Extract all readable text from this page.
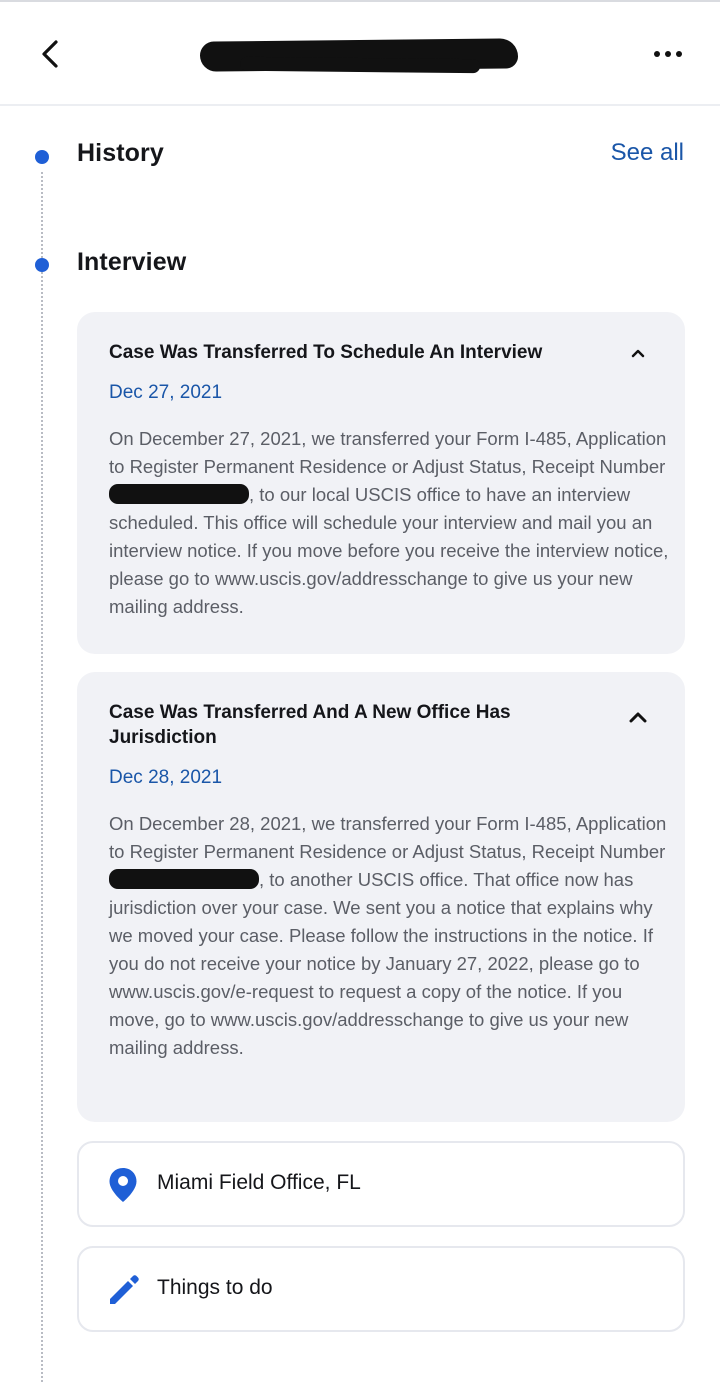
History	See all
Interview
Case Was Transferred To Schedule An Interview
Dec 27, 2021
On December 27, 2021, we transferred your Form I-485, Application to Register Permanent Residence or Adjust Status, Receipt Number, to our local USCIS office to have an interview scheduled. This office will schedule your interview and mail you an interview notice. If you move before you receive the interview notice, please go to www.uscis.gov/addresschange to give us your new mailing address.
Case Was Transferred And A New Office Has Jurisdiction
Dec 28, 2021
On December 28, 2021, we transferred your Form I-485, Application to Register Permanent Residence or Adjust Status, Receipt Number, to another USCIS office. That office now has jurisdiction over your case. We sent you a notice that explains why we moved your case. Please follow the instructions in the notice. If you do not receive your notice by January 27, 2022, please go to www.uscis.gov/e-request to request a copy of the notice. If you move, go to www.uscis.gov/addresschange to give us your new mailing address.
Miami Field Office, FL
Things to do
